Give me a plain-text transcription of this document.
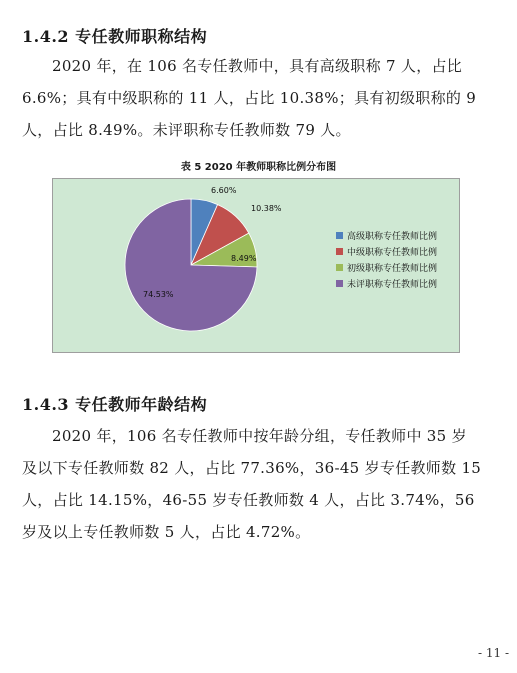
1.4.2 专任教师职称结构
2020 年，在 106 名专任教师中，具有高级职称 7 人，占比 6.6%；具有中级职称的 11 人，占比 10.38%；具有初级职称的 9 人，占比 8.49%。未评职称专任教师数 79 人。
表 5 2020 年教师职称比例分布图
6.60%
10.38%
8.49%
74.53%
高级职称专任教师比例
中级职称专任教师比例
初级职称专任教师比例
未评职称专任教师比例
1.4.3 专任教师年龄结构
2020 年，106 名专任教师中按年龄分组，专任教师中 35 岁及以下专任教师数 82 人，占比 77.36%，36-45 岁专任教师数 15 人，占比 14.15%，46-55 岁专任教师数 4 人，占比 3.74%，56 岁及以上专任教师数 5 人，占比 4.72%。
- 11 -
